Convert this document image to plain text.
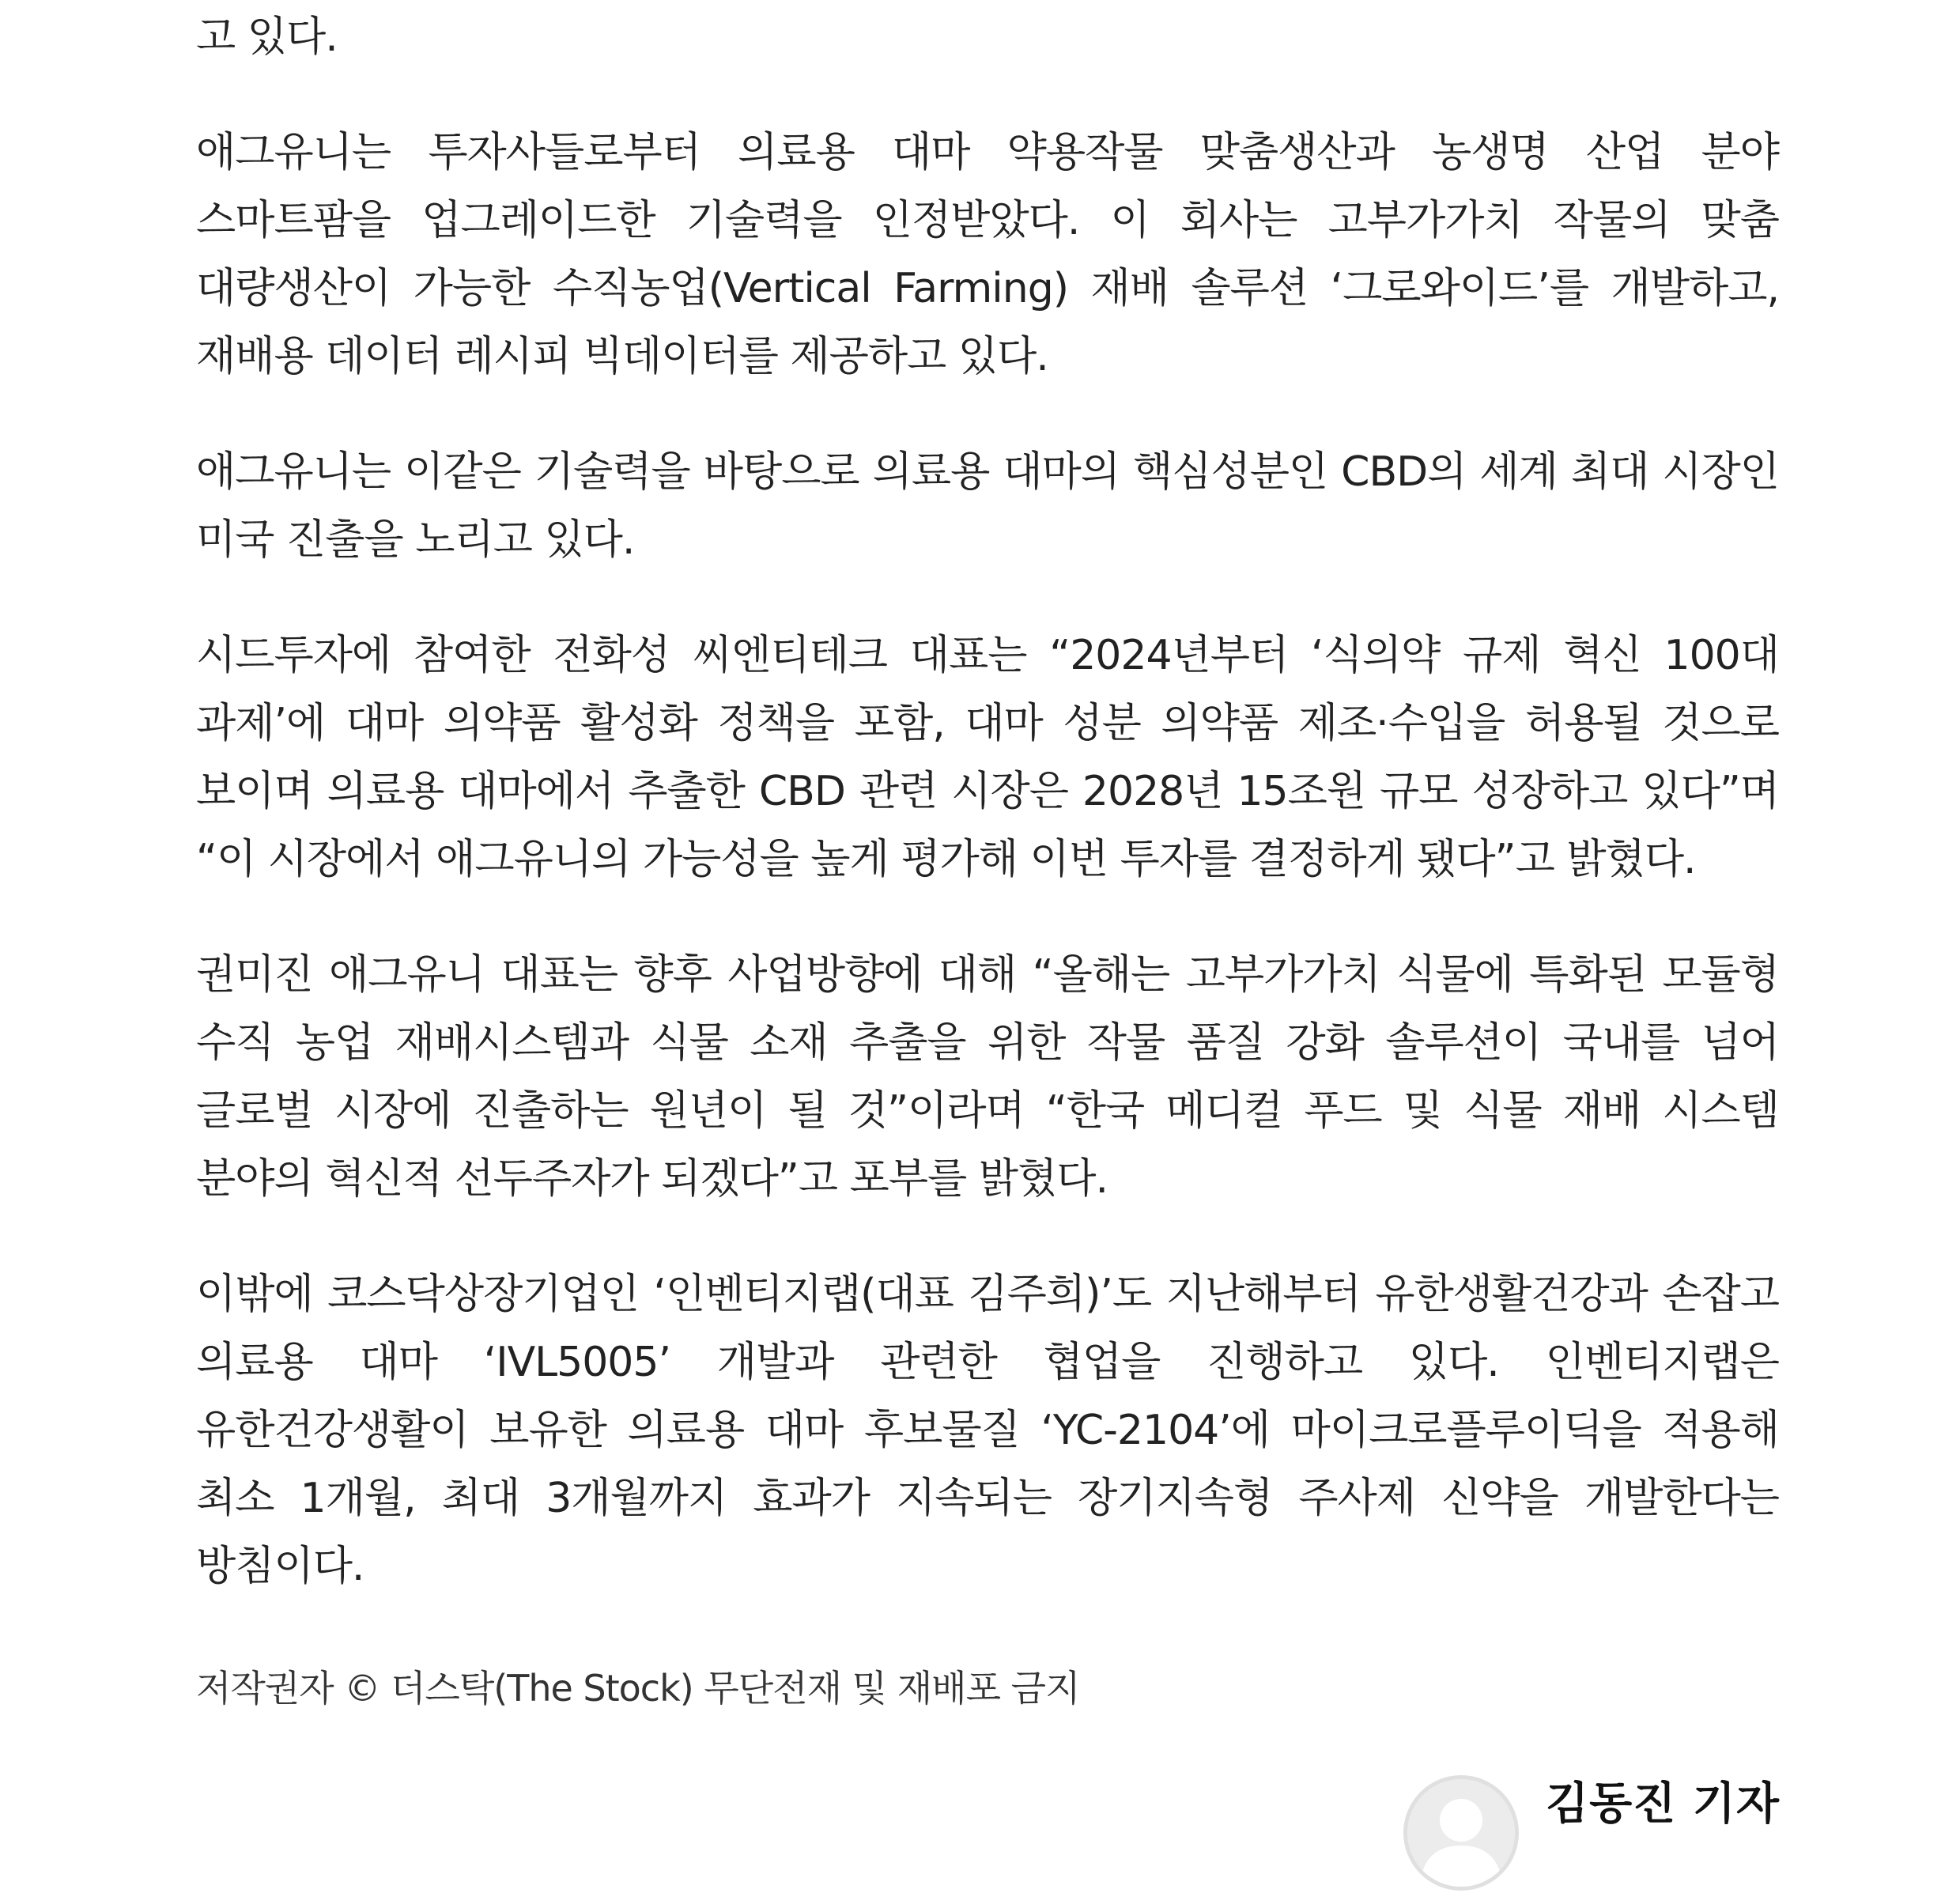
고 있다.

애그유니는 투자사들로부터 의료용 대마 약용작물 맞춤생산과 농생명 산업 분야 스마트팜을 업그레이드한 기술력을 인정받았다. 이 회사는 고부가가치 작물의 맞춤 대량생산이 가능한 수직농업(Vertical Farming) 재배 솔루션 ‘그로와이드’를 개발하고, 재배용 데이터 레시피 빅데이터를 제공하고 있다.

애그유니는 이같은 기술력을 바탕으로 의료용 대마의 핵심성분인 CBD의 세계 최대 시장인 미국 진출을 노리고 있다.

시드투자에 참여한 전화성 씨엔티테크 대표는 “2024년부터 ‘식의약 규제 혁신 100대 과제’에 대마 의약품 활성화 정책을 포함, 대마 성분 의약품 제조·수입을 허용될 것으로 보이며 의료용 대마에서 추출한 CBD 관련 시장은 2028년 15조원 규모 성장하고 있다”며 “이 시장에서 애그유니의 가능성을 높게 평가해 이번 투자를 결정하게 됐다”고 밝혔다.

권미진 애그유니 대표는 향후 사업방향에 대해 “올해는 고부가가치 식물에 특화된 모듈형 수직 농업 재배시스템과 식물 소재 추출을 위한 작물 품질 강화 솔루션이 국내를 넘어 글로벌 시장에 진출하는 원년이 될 것”이라며 “한국 메디컬 푸드 및 식물 재배 시스템 분야의 혁신적 선두주자가 되겠다”고 포부를 밝혔다.

이밖에 코스닥상장기업인 ‘인벤티지랩(대표 김주희)’도 지난해부터 유한생활건강과 손잡고 의료용 대마 ‘IVL5005’ 개발과 관련한 협업을 진행하고 있다. 인벤티지랩은 유한건강생활이 보유한 의료용 대마 후보물질 ‘YC-2104’에 마이크로플루이딕을 적용해 최소 1개월, 최대 3개월까지 효과가 지속되는 장기지속형 주사제 신약을 개발한다는 방침이다.

저작권자 © 더스탁(The Stock) 무단전재 및 재배포 금지
김동진 기자
